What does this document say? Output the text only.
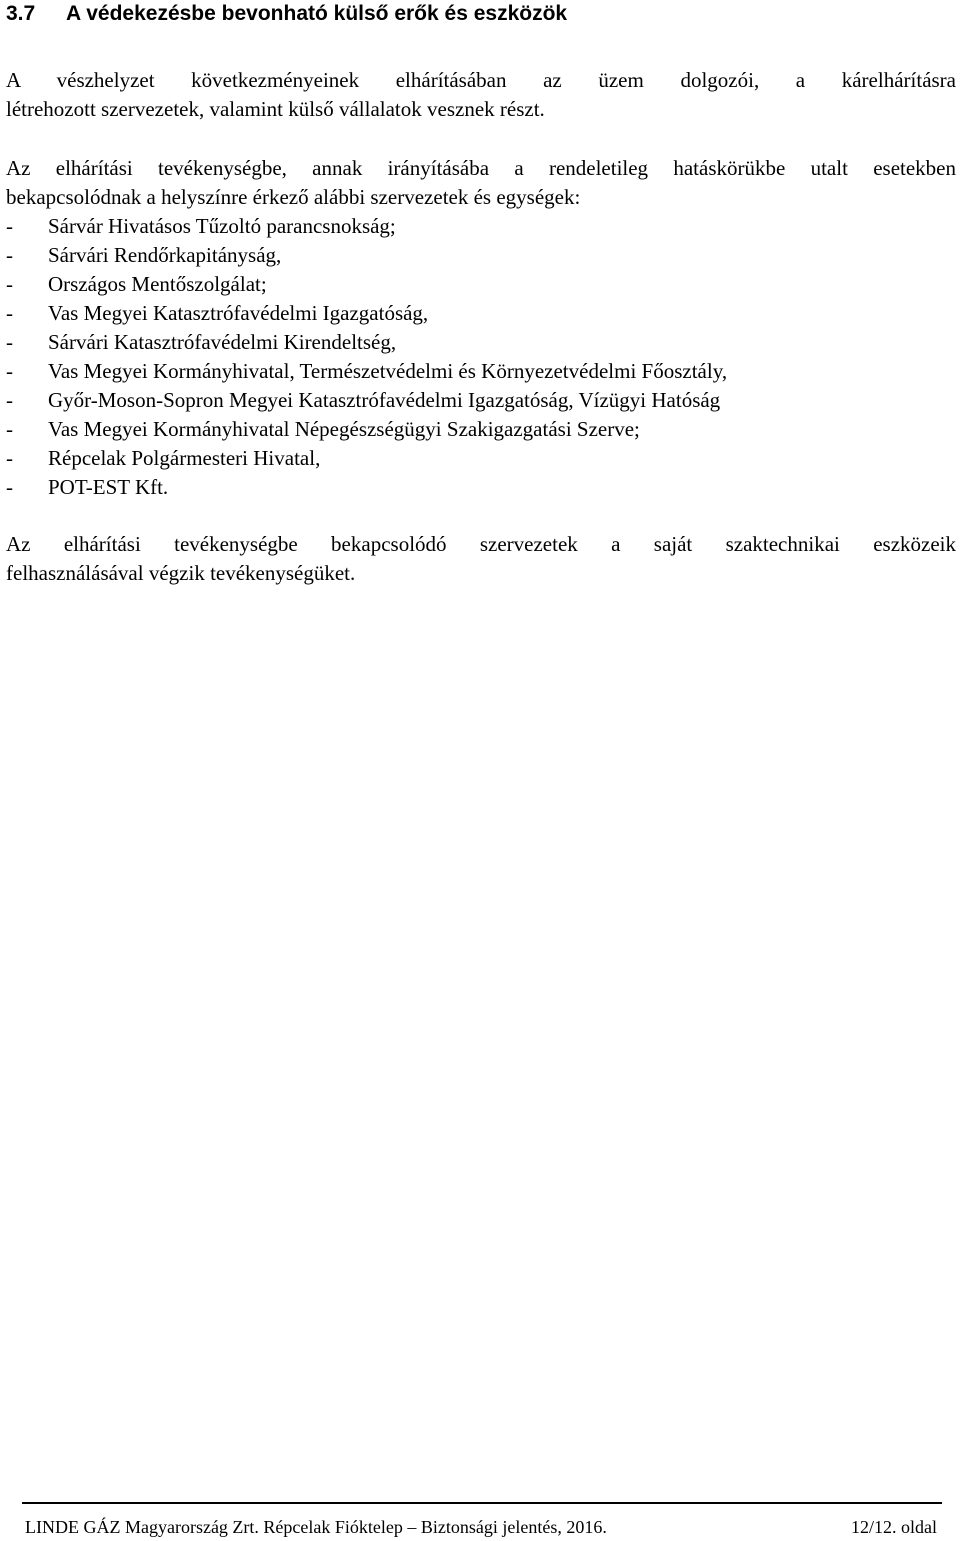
3.7 A védekezésbe bevonható külső erők és eszközök
A vészhelyzet következményeinek elhárításában az üzem dolgozói, a kárelhárításra
létrehozott szervezetek, valamint külső vállalatok vesznek részt.
Az elhárítási tevékenységbe, annak irányításába a rendeletileg hatáskörükbe utalt esetekben
bekapcsolódnak a helyszínre érkező alábbi szervezetek és egységek:
- Sárvár Hivatásos Tűzoltó parancsnokság;
- Sárvári Rendőrkapitányság,
- Országos Mentőszolgálat;
- Vas Megyei Katasztrófavédelmi Igazgatóság,
- Sárvári Katasztrófavédelmi Kirendeltség,
- Vas Megyei Kormányhivatal, Természetvédelmi és Környezetvédelmi Főosztály,
- Győr-Moson-Sopron Megyei Katasztrófavédelmi Igazgatóság, Vízügyi Hatóság
- Vas Megyei Kormányhivatal Népegészségügyi Szakigazgatási Szerve;
- Répcelak Polgármesteri Hivatal,
- POT-EST Kft.
Az elhárítási tevékenységbe bekapcsolódó szervezetek a saját szaktechnikai eszközeik
felhasználásával végzik tevékenységüket.
LINDE GÁZ Magyarország Zrt. Répcelak Fióktelep – Biztonsági jelentés, 2016.	12/12. oldal
